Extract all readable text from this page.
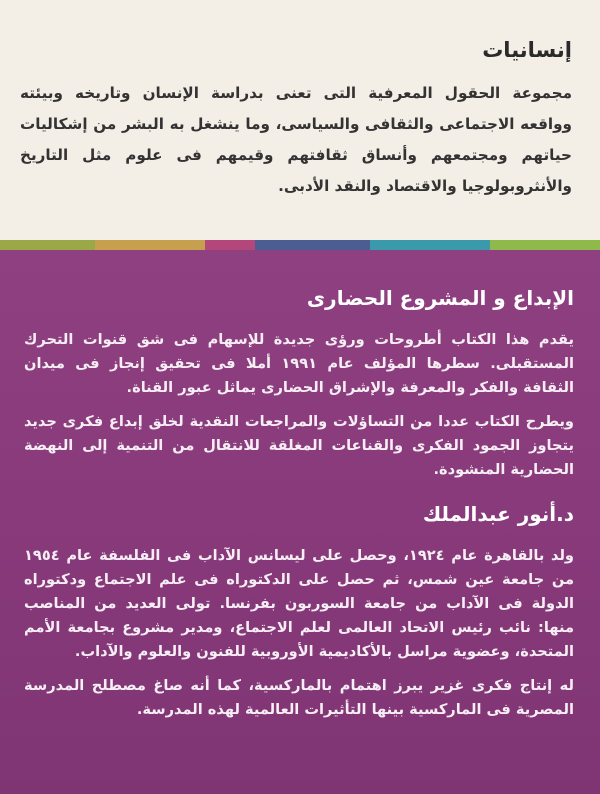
إنسانيات

مجموعة الحقول المعرفية التى تعنى بدراسة الإنسان وتاريخه وبيئته وواقعه الاجتماعى والثقافى والسياسى، وما ينشغل به البشر من إشكاليات حياتهم ومجتمعهم وأنساق ثقافتهم وقيمهم فى علوم مثل التاريخ والأنثروبولوجيا والاقتصاد والنقد الأدبى.

الإبداع و المشروع الحضارى

يقدم هذا الكتاب أطروحات ورؤى جديدة للإسهام فى شق قنوات التحرك المستقبلى. سطرها المؤلف عام ١٩٩١ أملا فى تحقيق إنجاز فى ميدان الثقافة والفكر والمعرفة والإشراق الحضارى يماثل عبور القناة.

ويطرح الكتاب عددا من التساؤلات والمراجعات النقدية لخلق إبداع فكرى جديد يتجاوز الجمود الفكرى والقناعات المغلقة للانتقال من التنمية إلى النهضة الحضارية المنشودة.

د.أنور عبدالملك

ولد بالقاهرة عام ١٩٢٤، وحصل على ليسانس الآداب فى الفلسفة عام ١٩٥٤ من جامعة عين شمس، ثم حصل على الدكتوراه فى علم الاجتماع ودكتوراه الدولة فى الآداب من جامعة السوربون بفرنسا. تولى العديد من المناصب منها: نائب رئيس الاتحاد العالمى لعلم الاجتماع، ومدير مشروع بجامعة الأمم المتحدة، وعضوية مراسل بالأكاديمية الأوروبية للفنون والعلوم والآداب.

له إنتاج فكرى غزير يبرز اهتمام بالماركسية، كما أنه صاغ مصطلح المدرسة المصرية فى الماركسية بينها التأثيرات العالمية لهذه المدرسة.
